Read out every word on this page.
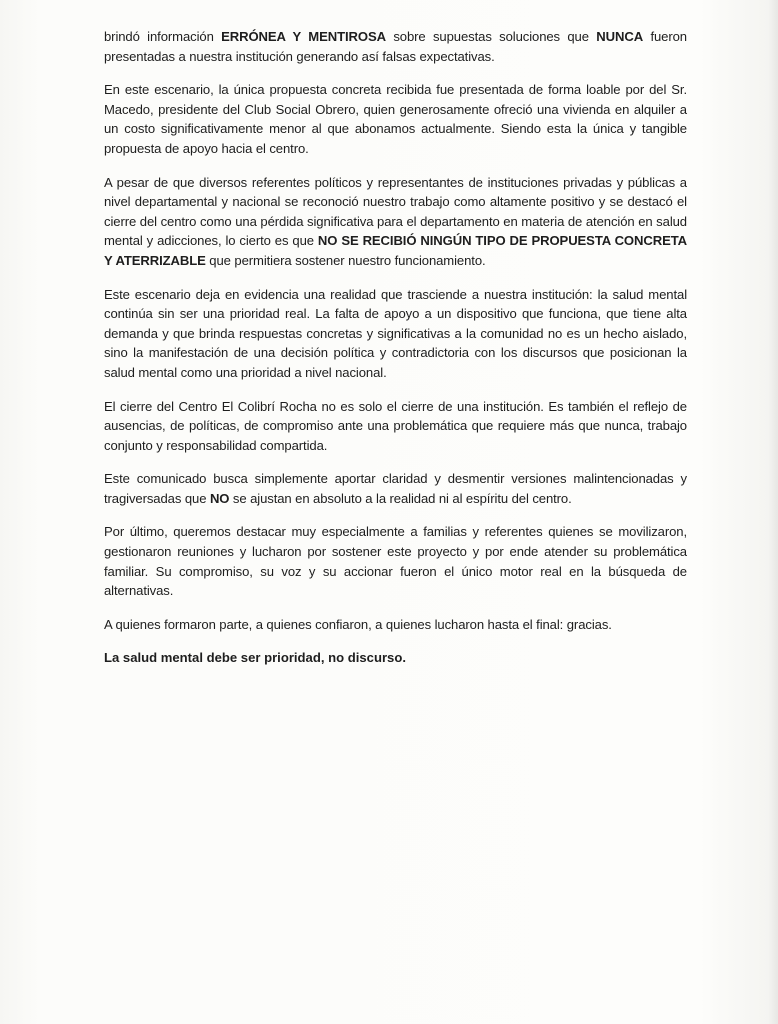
brindó información ERRÓNEA Y MENTIROSA sobre supuestas soluciones que NUNCA fueron presentadas a nuestra institución generando así falsas expectativas.

En este escenario, la única propuesta concreta recibida fue presentada de forma loable por del Sr. Macedo, presidente del Club Social Obrero, quien generosamente ofreció una vivienda en alquiler a un costo significativamente menor al que abonamos actualmente. Siendo esta la única y tangible propuesta de apoyo hacia el centro.

A pesar de que diversos referentes políticos y representantes de instituciones privadas y públicas a nivel departamental y nacional se reconoció nuestro trabajo como altamente positivo y se destacó el cierre del centro como una pérdida significativa para el departamento en materia de atención en salud mental y adicciones, lo cierto es que NO SE RECIBIÓ NINGÚN TIPO DE PROPUESTA CONCRETA Y ATERRIZABLE que permitiera sostener nuestro funcionamiento.

Este escenario deja en evidencia una realidad que trasciende a nuestra institución: la salud mental continúa sin ser una prioridad real. La falta de apoyo a un dispositivo que funciona, que tiene alta demanda y que brinda respuestas concretas y significativas a la comunidad no es un hecho aislado, sino la manifestación de una decisión política y contradictoria con los discursos que posicionan la salud mental como una prioridad a nivel nacional.

El cierre del Centro El Colibrí Rocha no es solo el cierre de una institución. Es también el reflejo de ausencias, de políticas, de compromiso ante una problemática que requiere más que nunca, trabajo conjunto y responsabilidad compartida.

Este comunicado busca simplemente aportar claridad y desmentir versiones malintencionadas y tragiversadas que NO se ajustan en absoluto a la realidad ni al espíritu del centro.

Por último, queremos destacar muy especialmente a familias y referentes quienes se movilizaron, gestionaron reuniones y lucharon por sostener este proyecto y por ende atender su problemática familiar. Su compromiso, su voz y su accionar fueron el único motor real en la búsqueda de alternativas.

A quienes formaron parte, a quienes confiaron, a quienes lucharon hasta el final: gracias.

La salud mental debe ser prioridad, no discurso.
